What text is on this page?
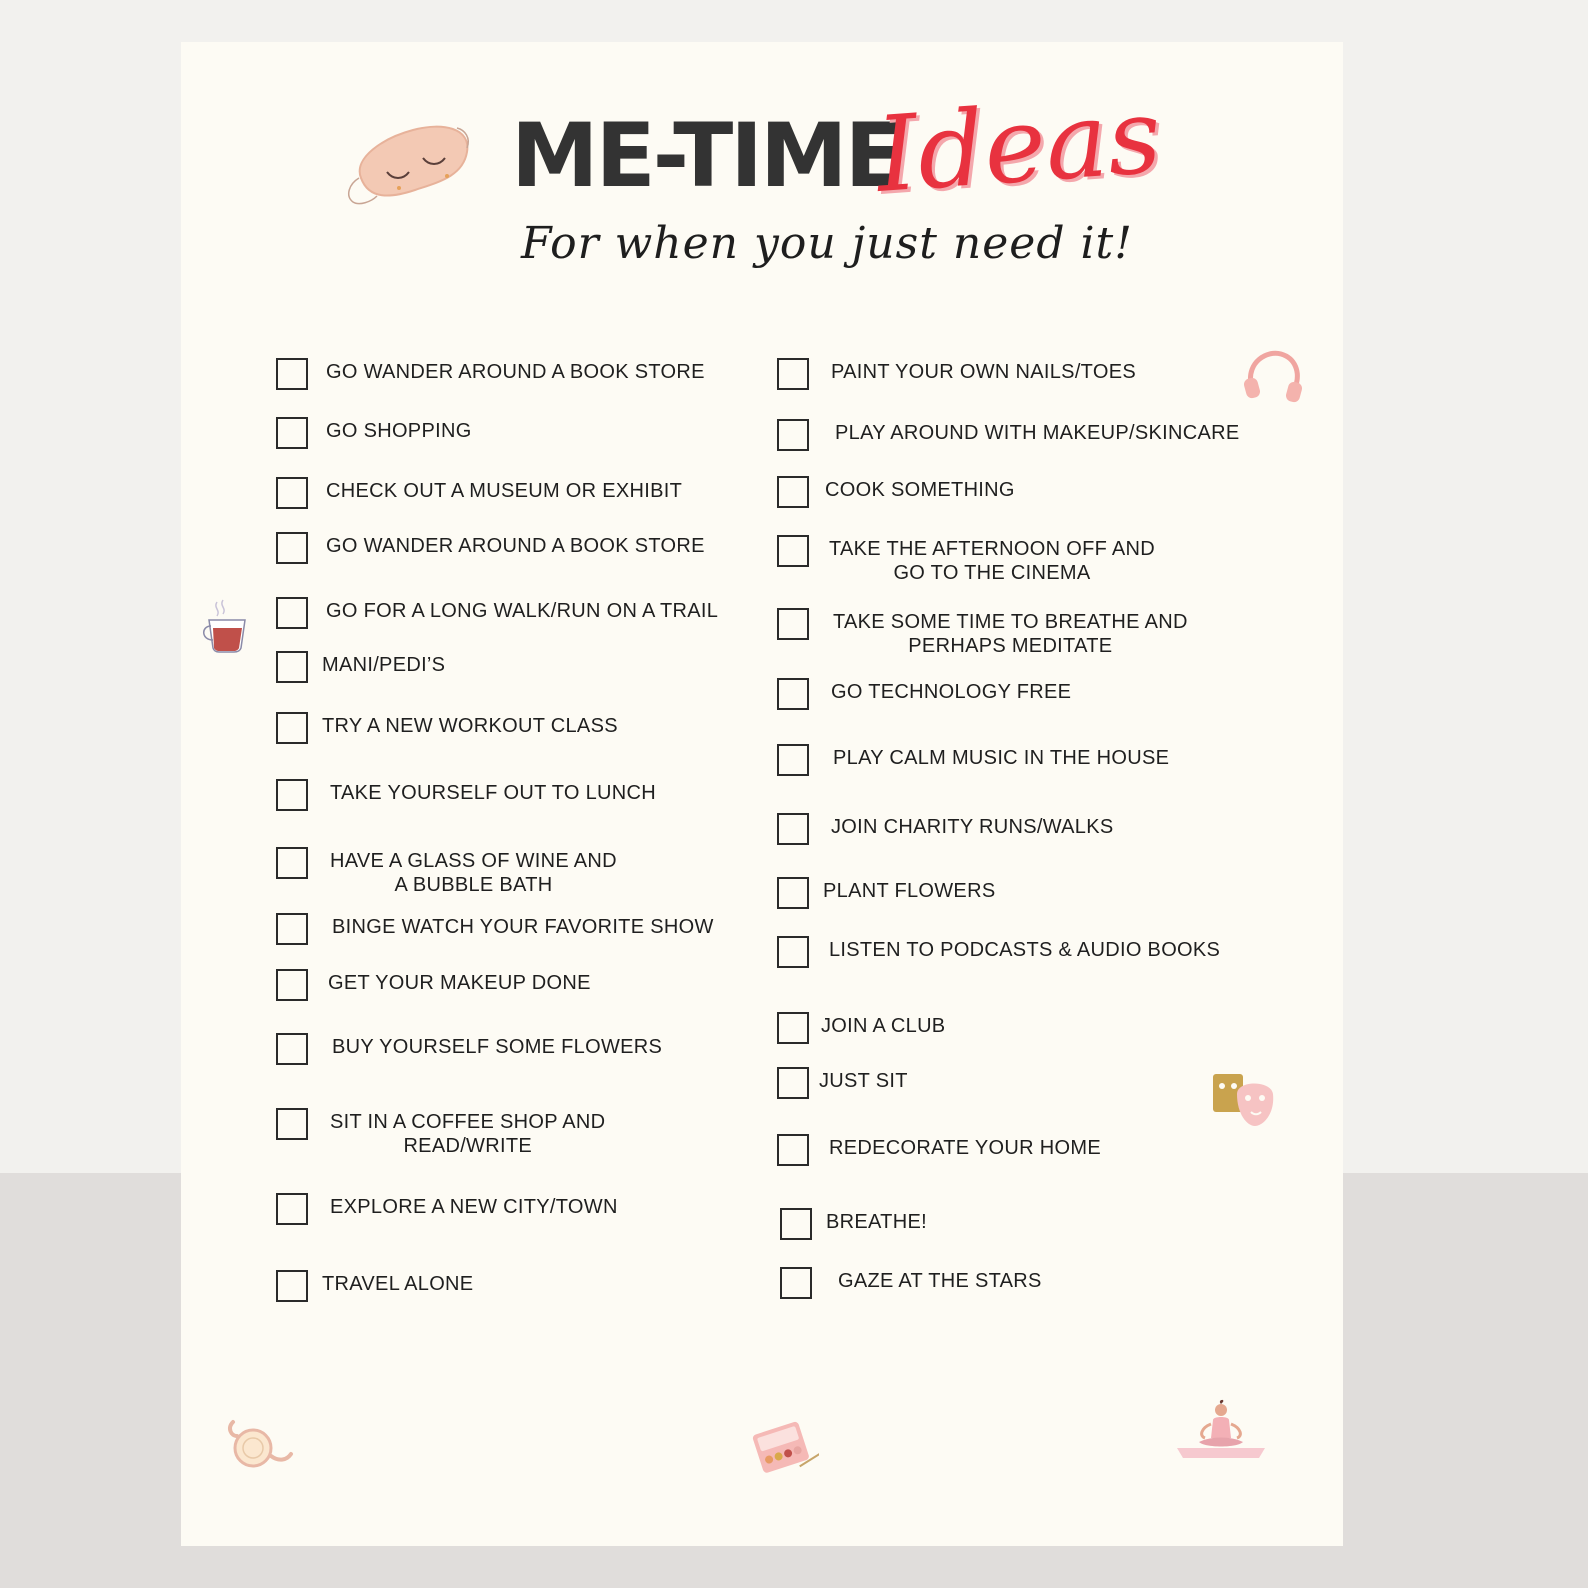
ME-TIME
Ideas
For when you just need it!
GO WANDER AROUND A BOOK STORE
GO SHOPPING
CHECK OUT A MUSEUM OR EXHIBIT
GO WANDER AROUND A BOOK STORE
GO FOR A LONG WALK/RUN ON A TRAIL
MANI/PEDI’S
TRY A NEW WORKOUT CLASS
TAKE YOURSELF OUT TO LUNCH
HAVE A GLASS OF WINE AND
A BUBBLE BATH
BINGE WATCH YOUR FAVORITE SHOW
GET YOUR MAKEUP DONE
BUY YOURSELF SOME FLOWERS
SIT IN A COFFEE SHOP AND
READ/WRITE
EXPLORE A NEW CITY/TOWN
TRAVEL ALONE
PAINT YOUR OWN NAILS/TOES
PLAY AROUND WITH MAKEUP/SKINCARE
COOK SOMETHING
TAKE THE AFTERNOON OFF AND
GO TO THE CINEMA
TAKE SOME TIME TO BREATHE AND
PERHAPS MEDITATE
GO TECHNOLOGY FREE
PLAY CALM MUSIC IN THE HOUSE
JOIN CHARITY RUNS/WALKS
PLANT FLOWERS
LISTEN TO PODCASTS & AUDIO BOOKS
JOIN A CLUB
JUST SIT
REDECORATE YOUR HOME
BREATHE!
GAZE AT THE STARS
